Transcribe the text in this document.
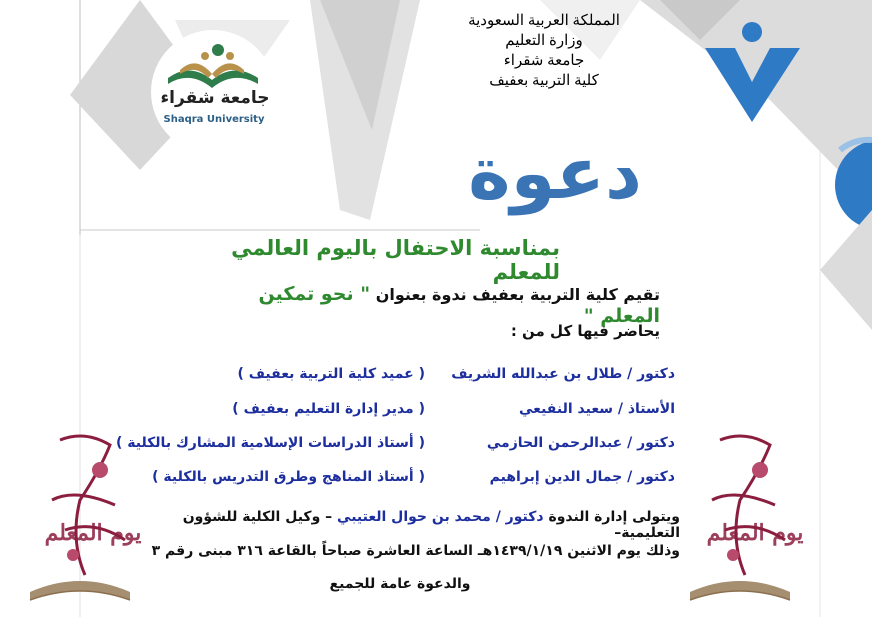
المملكة العربية السعودية
وزارة التعليم
جامعة شقراء
كلية التربية بعفيف
جامعة شقراء
Shaqra University
دعوة
بمناسبة الاحتفال باليوم العالمي للمعلم
تقيم كلية التربية بعفيف ندوة بعنوان " نحو تمكين المعلم "
يحاضر فيها كل من :
دكتور / طلال بن عبدالله الشريف
( عميد كلية التربية بعفيف )
الأستاذ / سعيد النفيعي
( مدير إدارة التعليم بعفيف )
دكتور / عبدالرحمن الحازمي
( أستاذ الدراسات الإسلامية المشارك بالكلية )
دكتور / جمال الدين إبراهيم
( أستاذ المناهج وطرق التدريس بالكلية )
ويتولى إدارة الندوة دكتور / محمد بن حوال العتيبي – وكيل الكلية للشؤون التعليمية–
وذلك يوم الاثنين ١٤٣٩/١/١٩هـ الساعة العاشرة صباحاً بالقاعة ٣١٦ مبنى رقم ٣
والدعوة عامة للجميع
يوم المعلم
يوم المعلم
